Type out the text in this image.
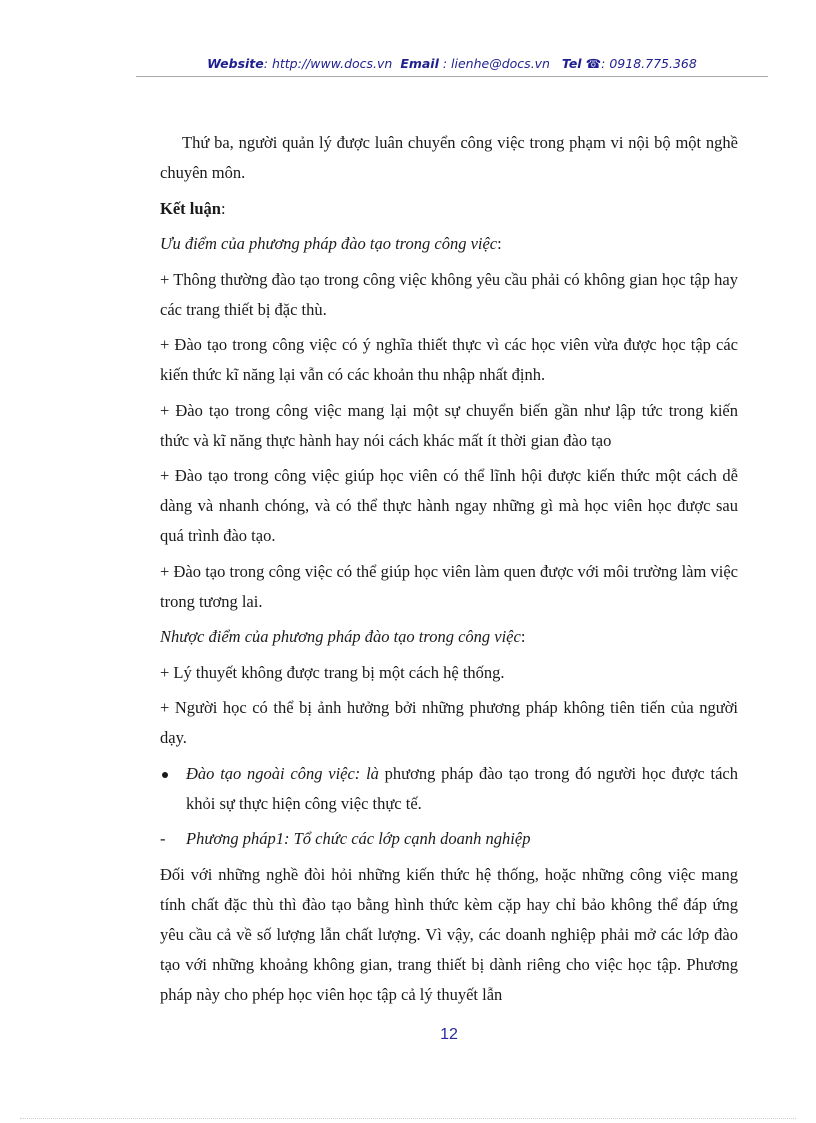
Website: http://www.docs.vn Email : lienhe@docs.vn Tel ☎: 0918.775.368

Thứ ba, người quản lý được luân chuyển công việc trong phạm vi nội bộ một nghề chuyên môn.

Kết luận:

Ưu điểm của phương pháp đào tạo trong công việc:

+ Thông thường đào tạo trong công việc không yêu cầu phải có không gian học tập hay các trang thiết bị đặc thù.

+ Đào tạo trong công việc có ý nghĩa thiết thực vì các học viên vừa được học tập các kiến thức kĩ năng lại vẫn có các khoản thu nhập nhất định.

+ Đào tạo trong công việc mang lại một sự chuyển biến gần như lập tức trong kiến thức và kĩ năng thực hành hay nói cách khác mất ít thời gian đào tạo

+ Đào tạo trong công việc giúp học viên có thể lĩnh hội được kiến thức một cách dễ dàng và nhanh chóng, và có thể thực hành ngay những gì mà học viên học được sau quá trình đào tạo.

+ Đào tạo trong công việc có thể giúp học viên làm quen được với môi trường làm việc trong tương lai.

Nhược điểm của phương pháp đào tạo trong công việc:

+ Lý thuyết không được trang bị một cách hệ thống.

+ Người học có thể bị ảnh hưởng bởi những phương pháp không tiên tiến của người dạy.

Đào tạo ngoài công việc: là phương pháp đào tạo trong đó người học được tách khỏi sự thực hiện công việc thực tế.
-	Phương pháp1: Tổ chức các lớp cạnh doanh nghiệp

Đối với những nghề đòi hỏi những kiến thức hệ thống, hoặc những công việc mang tính chất đặc thù thì đào tạo bằng hình thức kèm cặp hay chỉ bảo không thể đáp ứng yêu cầu cả về số lượng lẫn chất lượng. Vì vậy, các doanh nghiệp phải mở các lớp đào tạo với những khoảng không gian, trang thiết bị dành riêng cho việc học tập. Phương pháp này cho phép học viên học tập cả lý thuyết lẫn

12
